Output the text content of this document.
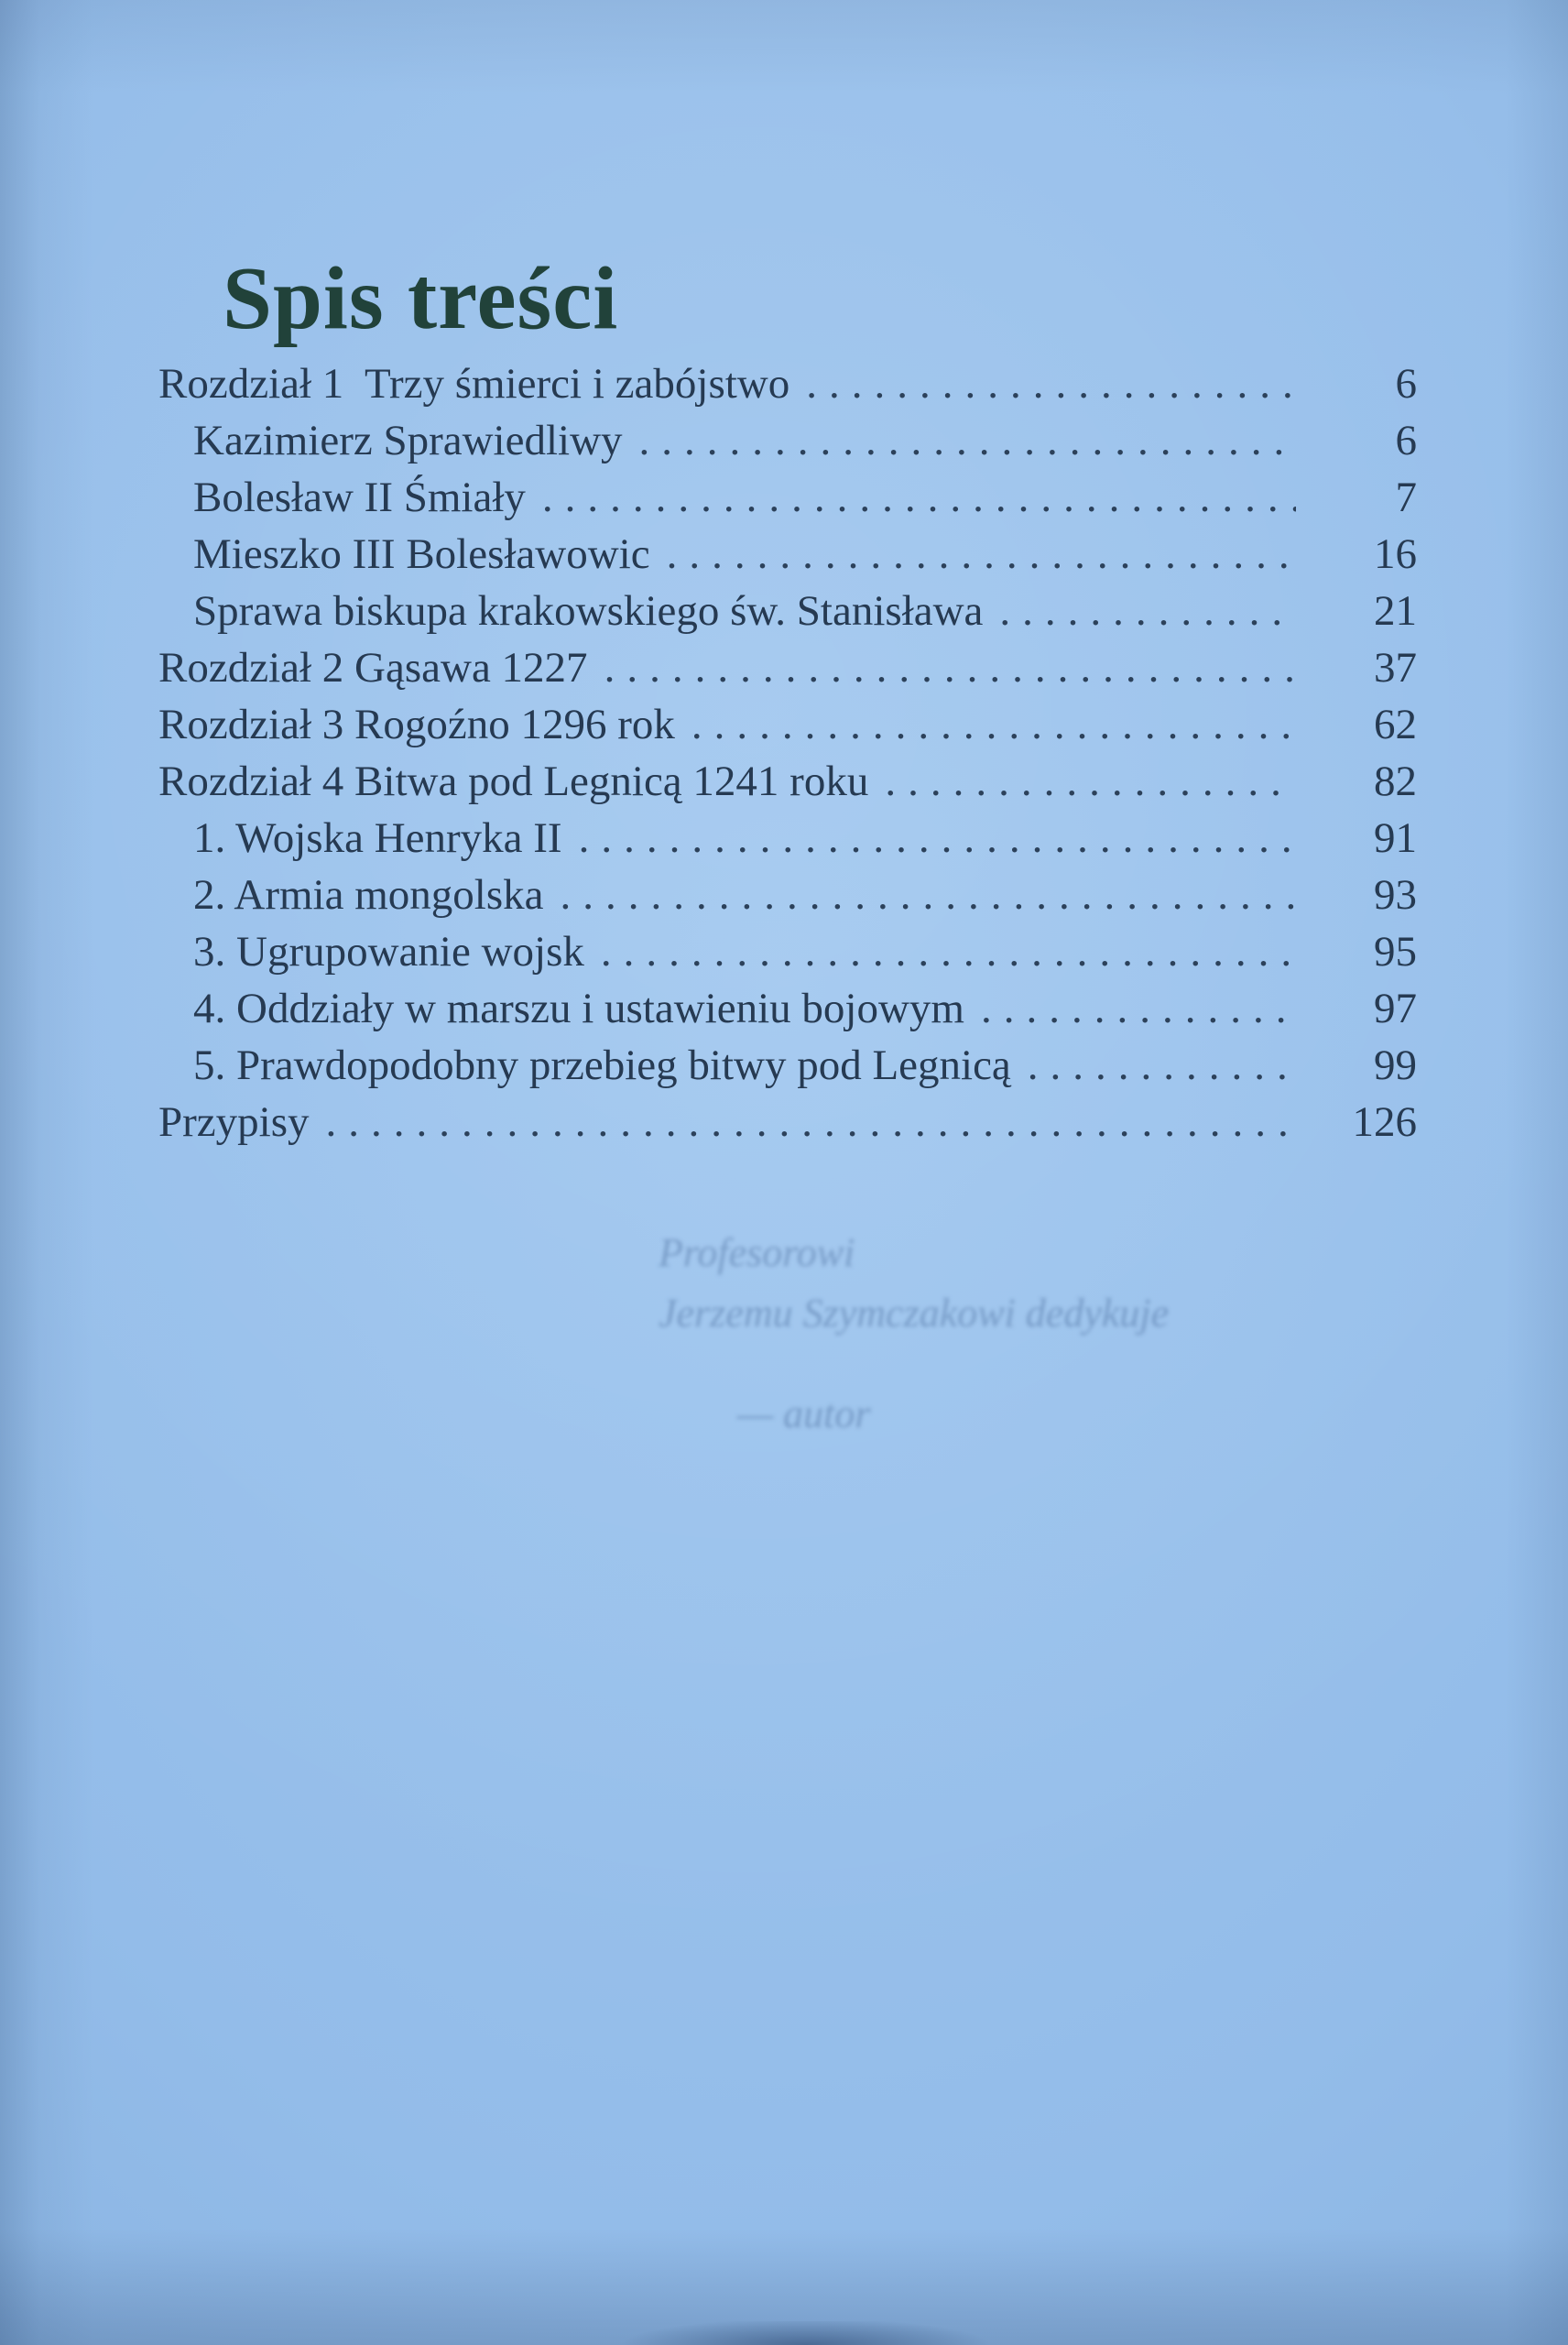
Spis treści
Rozdział 1  Trzy śmierci i zabójstwo .....	6
Kazimierz Sprawiedliwy .....	6
Bolesław II Śmiały .....	7
Mieszko III Bolesławowic .....	16
Sprawa biskupa krakowskiego św. Stanisława .....	21
Rozdział 2 Gąsawa 1227 .....	37
Rozdział 3 Rogoźno 1296 rok .....	62
Rozdział 4 Bitwa pod Legnicą 1241 roku .....	82
1. Wojska Henryka II .....	91
2. Armia mongolska .....	93
3. Ugrupowanie wojsk .....	95
4. Oddziały w marszu i ustawieniu bojowym .....	97
5. Prawdopodobny przebieg bitwy pod Legnicą .....	99
Przypisy .....	126
Profesorowi
Jerzemu Szymczakowi dedykuje
— autor
